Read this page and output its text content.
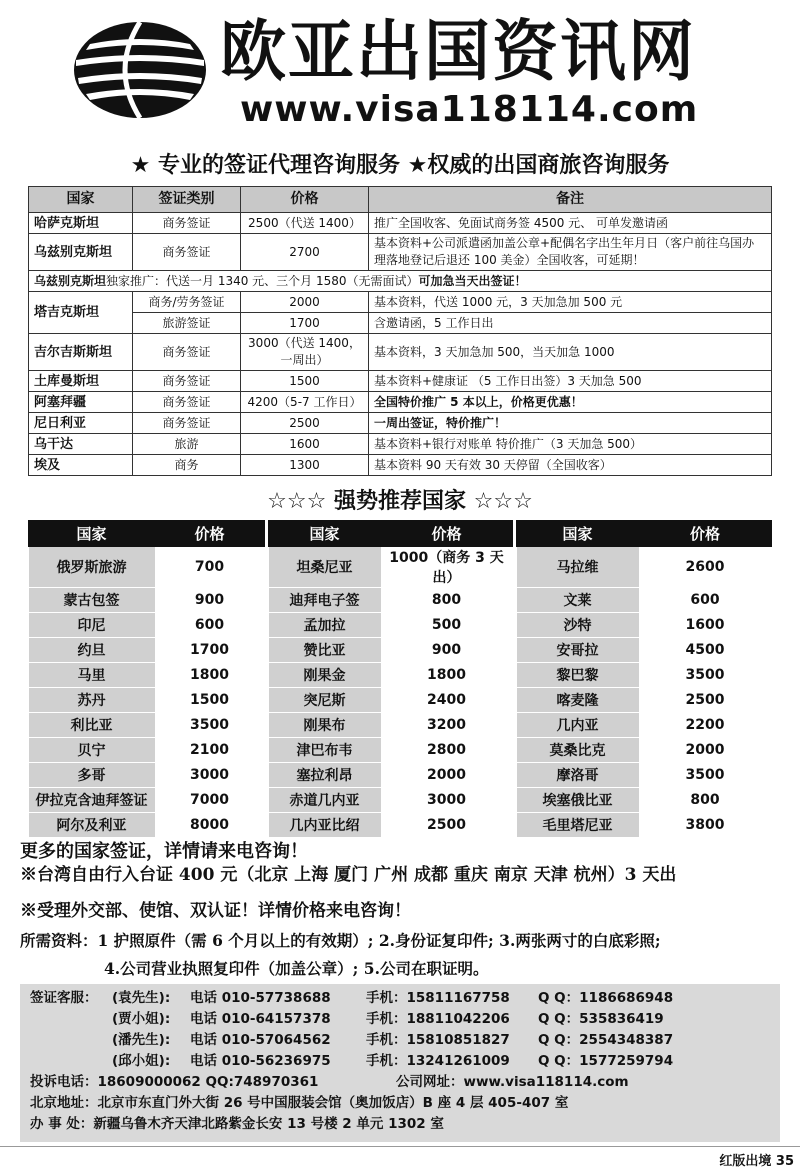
欧亚出国资讯网
www.visa118114.com
★ 专业的签证代理咨询服务 ★权威的出国商旅咨询服务
国家	签证类别	价格	备注
哈萨克斯坦	商务签证	2500（代送 1400）	推广全国收客、免面试商务签 4500 元、 可单发邀请函
乌兹别克斯坦	商务签证	2700	基本资料+公司派遣函加盖公章+配偶名字出生年月日（客户前往乌国办理落地登记后退还 100 美金）全国收客，可延期！
乌兹别克斯坦独家推广：代送一月 1340 元、三个月 1580（无需面试）可加急当天出签证！			
塔吉克斯坦	商务/劳务签证	2000	基本资料，代送 1000 元，3 天加急加 500 元
	旅游签证	1700	含邀请函，5 工作日出
吉尔吉斯斯坦	商务签证	3000（代送 1400，一周出）	基本资料，3 天加急加 500，当天加急 1000
土库曼斯坦	商务签证	1500	基本资料+健康证 （5 工作日出签）3 天加急 500
阿塞拜疆	商务签证	4200（5-7 工作日）	全国特价推广 5 本以上，价格更优惠！
尼日利亚	商务签证	2500	一周出签证，特价推广！
乌干达	旅游	1600	基本资料+银行对账单 特价推广（3 天加急 500）
埃及	商务	1300	基本资料 90 天有效 30 天停留（全国收客）
☆☆☆ 强势推荐国家 ☆☆☆
国家	价格		国家	价格		国家	价格
俄罗斯旅游	700		坦桑尼亚	1000（商务 3 天出）		马拉维	2600
蒙古包签	900		迪拜电子签	800		文莱	600
印尼	600		孟加拉	500		沙特	1600
约旦	1700		赞比亚	900		安哥拉	4500
马里	1800		刚果金	1800		黎巴黎	3500
苏丹	1500		突尼斯	2400		喀麦隆	2500
利比亚	3500		刚果布	3200		几内亚	2200
贝宁	2100		津巴布韦	2800		莫桑比克	2000
多哥	3000		塞拉利昂	2000		摩洛哥	3500
伊拉克含迪拜签证	7000		赤道几内亚	3000		埃塞俄比亚	800
阿尔及利亚	8000		几内亚比绍	2500		毛里塔尼亚	3800
更多的国家签证，详情请来电咨询！
※台湾自由行入台证 400 元（北京 上海 厦门 广州 成都 重庆 南京 天津 杭州）3 天出
※受理外交部、使馆、双认证！详情价格来电咨询！
所需资料：1 护照原件（需 6 个月以上的有效期）; 2.身份证复印件; 3.两张两寸的白底彩照;
4.公司营业执照复印件（加盖公章）; 5.公司在职证明。
签证客服： (袁先生): 电话 010-57738688	手机：15811167758 Q Q：1186686948
(贾小姐): 电话 010-64157378	手机：18811042206 Q Q：535836419
(潘先生): 电话 010-57064562	手机：15810851827 Q Q：2554348387
(邱小姐): 电话 010-56236975	手机：13241261009 Q Q：1577259794
投诉电话：18609000062 QQ:748970361	公司网址：www.visa118114.com
北京地址：北京市东直门外大街 26 号中国服装会馆（奥加饭店）B 座 4 层 405-407 室
办 事 处：新疆乌鲁木齐天津北路紫金长安 13 号楼 2 单元 1302 室
红版出境 35
